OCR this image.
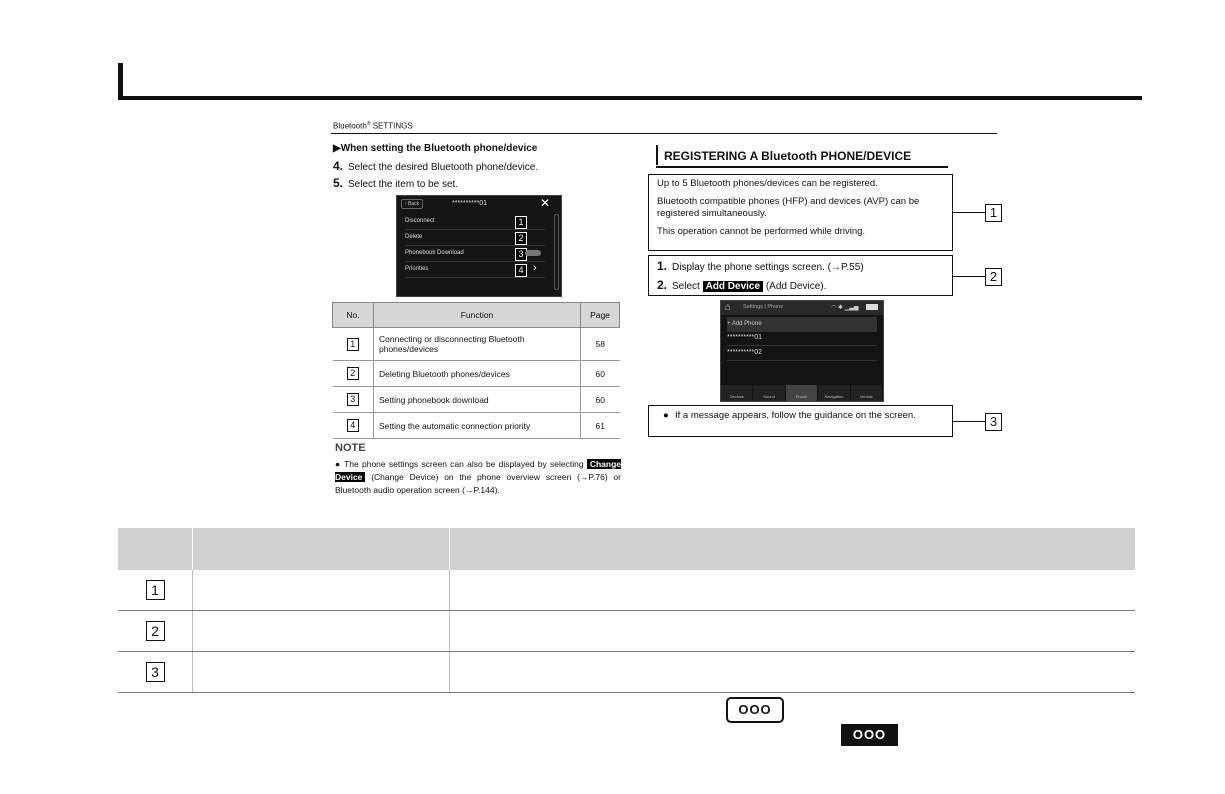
Bluetooth® SETTINGS
▶When setting the Bluetooth phone/device
4. Select the desired Bluetooth phone/device.
5. Select the item to be set.
‹ Back	**********01	✕
Disconnect	1
Delete	2
Phonebook Download	3
Priorities	4 ›
No.	Function	Page
1	Connecting or disconnecting Bluetooth phones/devices	58
2	Deleting Bluetooth phones/devices	60
3	Setting phonebook download	60
4	Setting the automatic connection priority	61
NOTE
● The phone settings screen can also be displayed by selecting Change Device (Change Device) on the phone overview screen (→P.76) or Bluetooth audio operation screen (→P.144).
REGISTERING A Bluetooth PHONE/DEVICE

Up to 5 Bluetooth phones/devices can be registered.

Bluetooth compatible phones (HFP) and devices (AVP) can be registered simultaneously.

This operation cannot be performed while driving.

1
1. Display the phone settings screen. (→P.55)
2. Select Add Device (Add Device).
2
⌂ Settings | Phone	◠ ✱ ▁▃▅
+ Add Phone
**********01
**********02
Devices	Sound	Phone	Navigation	Vehicle
● If a message appears, follow the guidance on the screen.	3

1		
2		
3		
OOO
OOO
